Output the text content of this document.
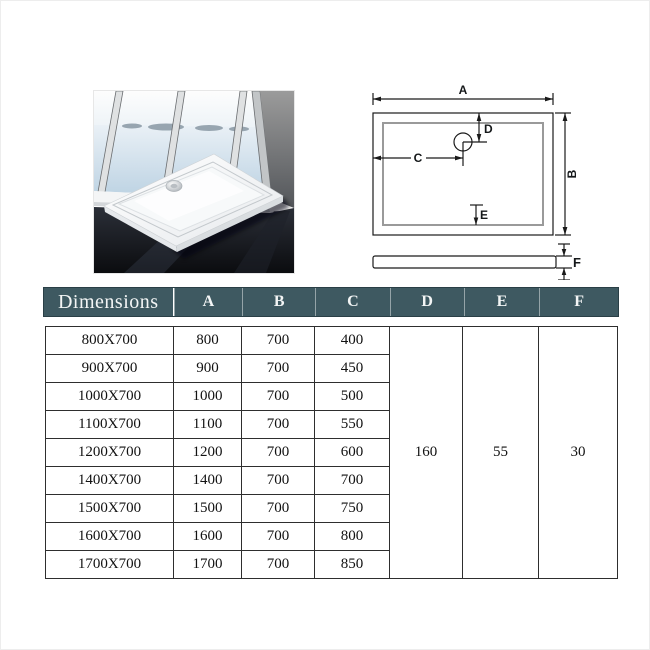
A
B
C
D
E
F
Dimensions	A	B	C	D	E	F
800X700	800	700	400	160	55	30
900X700	900	700	450			
1000X700	1000	700	500			
1100X700	1100	700	550			
1200X700	1200	700	600			
1400X700	1400	700	700			
1500X700	1500	700	750			
1600X700	1600	700	800			
1700X700	1700	700	850			
